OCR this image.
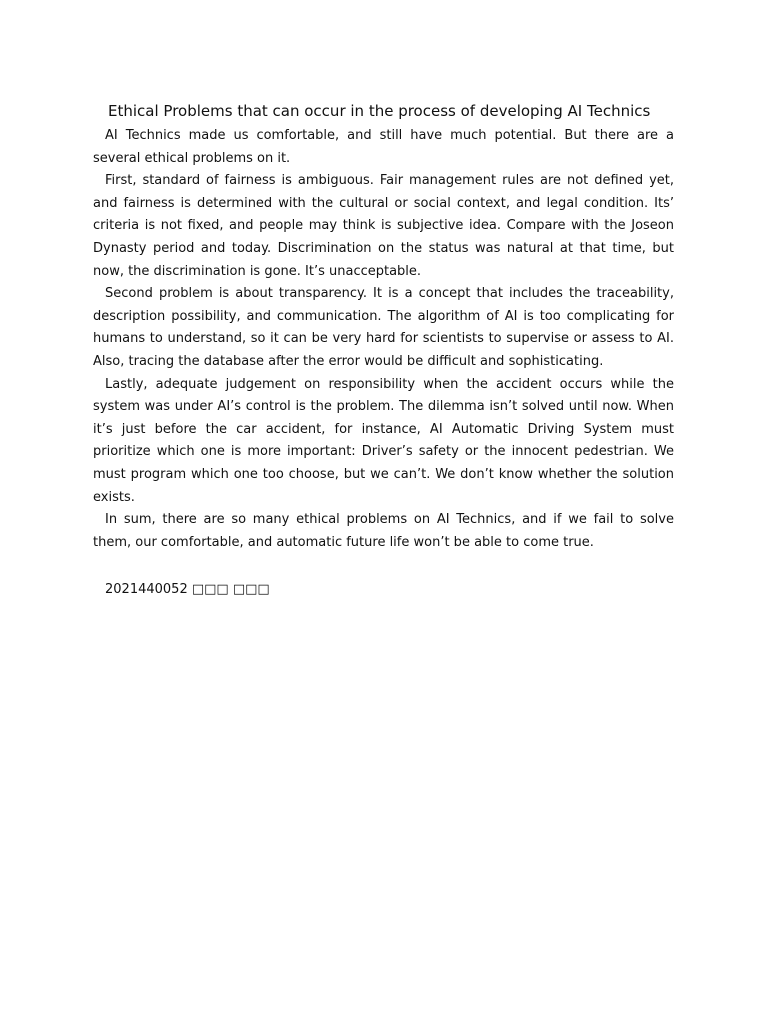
Ethical Problems that can occur in the process of developing AI Technics

AI Technics made us comfortable, and still have much potential. But there are a several ethical problems on it.

First, standard of fairness is ambiguous. Fair management rules are not defined yet, and fairness is determined with the cultural or social context, and legal condition. Its’ criteria is not fixed, and people may think is subjective idea. Compare with the Joseon Dynasty period and today. Discrimination on the status was natural at that time, but now, the discrimination is gone. It’s unacceptable.

Second problem is about transparency. It is a concept that includes the traceability, description possibility, and communication. The algorithm of AI is too complicating for humans to understand, so it can be very hard for scientists to supervise or assess to AI. Also, tracing the database after the error would be difficult and sophisticating.

Lastly, adequate judgement on responsibility when the accident occurs while the system was under AI’s control is the problem. The dilemma isn’t solved until now. When it’s just before the car accident, for instance, AI Automatic Driving System must prioritize which one is more important: Driver’s safety or the innocent pedestrian. We must program which one too choose, but we can’t. We don’t know whether the solution exists.

In sum, there are so many ethical problems on AI Technics, and if we fail to solve them, our comfortable, and automatic future life won’t be able to come true.

2021440052 □□□ □□□
